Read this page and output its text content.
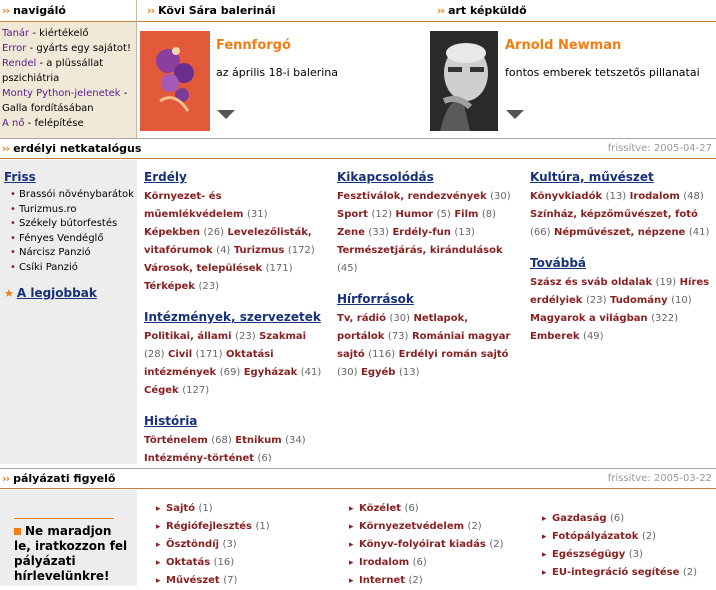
›› navigáló
Tanár - kiértékelő
Error - gyárts egy sajátot!
Rendel - a plüssállat pszichiátria
Monty Python-jelenetek - Galla fordításában
A nő - felépítése
›› Kövi Sára balerinái	›› art képküldő
Fennforgó
az április 18-i balerina
Arnold Newman
fontos emberek tetszetős pillanatai
›› erdélyi netkatalógus	frissítve: 2005-04-27
Friss
• Brassói növénybarátok
• Turizmus.ro
• Székely bútorfestés
• Fényes Vendéglő
• Nárcisz Panzió
• Csíki Panzió
★ A legjobbak
Erdély
Környezet- és
műemlékvédelem (31)
Képekben (26) Levelezőlisták,
vitafórumok (4) Turizmus (172)
Városok, települések (171)
Térképek (23)
Intézmények, szervezetek
Politikai, állami (23) Szakmai
(28) Civil (171) Oktatási
intézmények (69) Egyházak (41)
Cégek (127)
História
Történelem (68) Etnikum (34)
Intézmény-történet (6)
Kikapcsolódás
Fesztiválok, rendezvények (30)
Sport (12) Humor (5) Film (8)
Zene (33) Erdély-fun (13)
Természetjárás, kirándulások
(45)
Hírforrások
Tv, rádió (30) Netlapok,
portálok (73) Romániai magyar
sajtó (116) Erdélyi román sajtó
(30) Egyéb (13)
Kultúra, művészet
Könyvkiadók (13) Irodalom (48)
Színház, képzőművészet, fotó
(66) Népművészet, népzene (41)
Továbbá
Szász és sváb oldalak (19) Híres
erdélyiek (23) Tudomány (10)
Magyarok a világban (322)
Emberek (49)
›› pályázati figyelő	frissítve: 2005-03-22
Ne maradjon le, iratkozzon fel pályázati hírlevelünkre!
▸ Sajtó (1)
▸ Régiófejlesztés (1)
▸ Ösztöndíj (3)
▸ Oktatás (16)
▸ Művészet (7)
▸ Közélet (6)
▸ Környezetvédelem (2)
▸ Könyv-folyóirat kiadás (2)
▸ Irodalom (6)
▸ Internet (2)
▸ Gazdaság (6)
▸ Fotópályázatok (2)
▸ Egészségügy (3)
▸ EU-integráció segítése (2)
